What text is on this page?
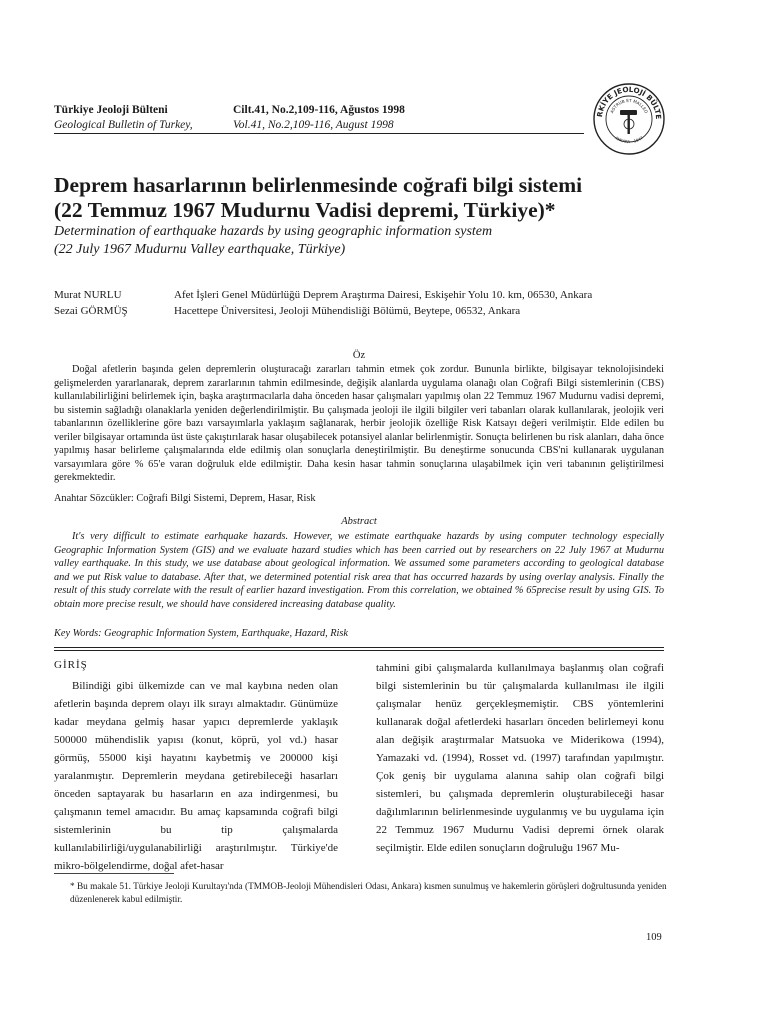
Türkiye Jeoloji Bülteni
Geological Bulletin of Turkey,
Cilt.41, No.2,109-116, Ağustos 1998
Vol.41, No.2,109-116, August 1998
RKİYE JEOLOJİ BÜLTE
ASTRUB ET MALLEO
ANKARA - 1947
Deprem hasarlarının belirlenmesinde coğrafi bilgi sistemi
(22 Temmuz 1967 Mudurnu Vadisi depremi, Türkiye)*
Determination of earthquake hazards by using geographic information system
(22 July 1967 Mudurnu Valley earthquake, Türkiye)
Murat NURLU	Afet İşleri Genel Müdürlüğü Deprem Araştırma Dairesi, Eskişehir Yolu 10. km, 06530, Ankara
Sezai GÖRMÜŞ	Hacettepe Üniversitesi, Jeoloji Mühendisliği Bölümü, Beytepe, 06532, Ankara
Öz

Doğal afetlerin başında gelen depremlerin oluşturacağı zararları tahmin etmek çok zordur. Bununla birlikte, bilgisayar teknolojisindeki gelişmelerden yararlanarak, deprem zararlarının tahmin edilmesinde, değişik alanlarda uygulama olanağı olan Coğrafi Bilgi sistemlerinin (CBS) kullanılabilirliğini belirlemek için, başka araştırmacılarla daha önceden hasar çalışmaları yapılmış olan 22 Temmuz 1967 Mudurnu vadisi depremi, bu sistemin sağladığı olanaklarla yeniden değerlendirilmiştir. Bu çalışmada jeoloji ile ilgili bilgiler veri tabanları olarak kullanılarak, jeolojik veri tabanlarının özelliklerine göre bazı varsayımlarla yaklaşım sağlanarak, herbir jeolojik özelliğe Risk Katsayı değeri verilmiştir. Elde edilen bu veriler bilgisayar ortamında üst üste çakıştırılarak hasar oluşabilecek potansiyel alanlar belirlenmiştir. Sonuçta belirlenen bu risk alanları, daha önce yapılmış hasar belirleme çalışmalarında elde edilmiş olan sonuçlarla deneştirilmiştir. Bu deneştirme sonucunda CBS'ni kullanarak uygulanan varsayımlara göre % 65'e varan doğruluk elde edilmiştir. Daha kesin hasar tahmin sonuçlarına ulaşabilmek için veri tabanının geliştirilmesi gerekmektedir.

Anahtar Sözcükler: Coğrafi Bilgi Sistemi, Deprem, Hasar, Risk

Abstract

It's very difficult to estimate earhquake hazards. However, we estimate earthquake hazards by using computer technology especially Geographic Information System (GIS) and we evaluate hazard studies which has been carried out by researchers on 22 July 1967 at Mudurnu valley earthquake. In this study, we use database about geological information. We assumed some parameters according to geological database and we put Risk value to database. After that, we determined potential risk area that has occurred hazards by using overlay analysis. Finally the result of this study correlate with the result of earlier hazard investigation. From this correlation, we obtained % 65precise result by using GIS. To obtain more precise result, we should have considered increasing database quality.

Key Words: Geographic Information System, Earthquake, Hazard, Risk

GİRİŞ

Bilindiği gibi ülkemizde can ve mal kaybına neden olan afetlerin başında deprem olayı ilk sırayı almaktadır. Günümüze kadar meydana gelmiş hasar yapıcı depremlerde yaklaşık 500000 mühendislik yapısı (konut, köprü, yol vd.) hasar görmüş, 55000 kişi hayatını kaybetmiş ve 200000 kişi yaralanmıştır. Depremlerin meydana getirebileceği hasarları önceden saptayarak bu hasarların en aza indirgenmesi, bu çalışmanın temel amacıdır. Bu amaç kapsamında coğrafi bilgi sistemlerinin bu tip çalışmalarda kullanılabilirliği/uygulanabilirliği araştırılmıştır. Türkiye'de mikro-bölgelendirme, doğal afet-hasar

tahmini gibi çalışmalarda kullanılmaya başlanmış olan coğrafi bilgi sistemlerinin bu tür çalışmalarda kullanılması ile ilgili çalışmalar henüz gerçekleşmemiştir. CBS yöntemlerini kullanarak doğal afetlerdeki hasarları önceden belirlemeyi konu alan değişik araştırmalar Matsuoka ve Miderikowa (1994), Yamazaki vd. (1994), Rosset vd. (1997) tarafından yapılmıştır. Çok geniş bir uygulama alanına sahip olan coğrafi bilgi sistemleri, bu çalışmada depremlerin oluşturabileceği hasar dağılımlarının belirlenmesinde uygulanmış ve bu uygulama için 22 Temmuz 1967 Mudurnu Vadisi depremi örnek olarak seçilmiştir. Elde edilen sonuçların doğruluğu 1967 Mu-

* Bu makale 51. Türkiye Jeoloji Kurultayı'nda (TMMOB-Jeoloji Mühendisleri Odası, Ankara) kısmen sunulmuş ve hakemlerin görüşleri doğrultusunda yeniden düzenlenerek kabul edilmiştir.

109
